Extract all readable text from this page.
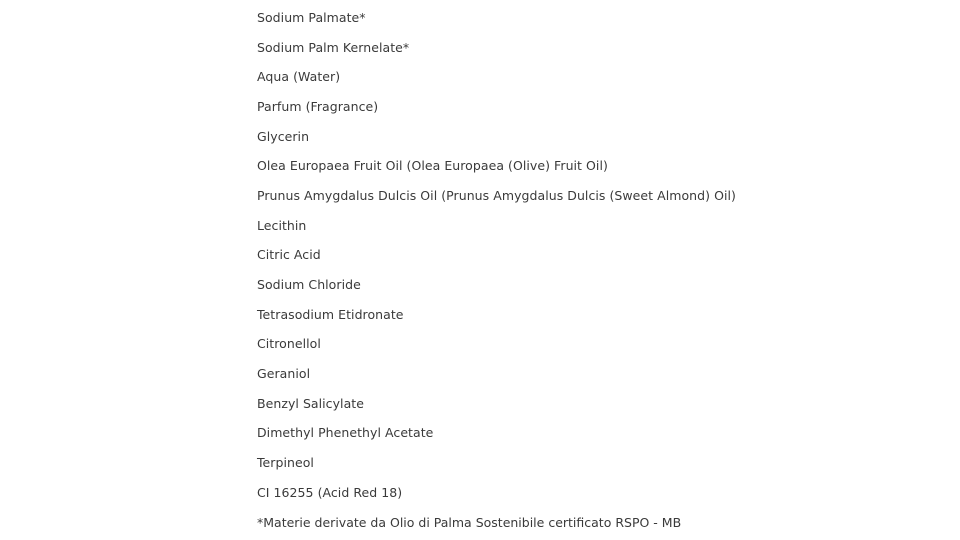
Sodium Palmate*
Sodium Palm Kernelate*
Aqua (Water)
Parfum (Fragrance)
Glycerin
Olea Europaea Fruit Oil (Olea Europaea (Olive) Fruit Oil)
Prunus Amygdalus Dulcis Oil (Prunus Amygdalus Dulcis (Sweet Almond) Oil)
Lecithin
Citric Acid
Sodium Chloride
Tetrasodium Etidronate
Citronellol
Geraniol
Benzyl Salicylate
Dimethyl Phenethyl Acetate
Terpineol
CI 16255 (Acid Red 18)
*Materie derivate da Olio di Palma Sostenibile certificato RSPO - MB
